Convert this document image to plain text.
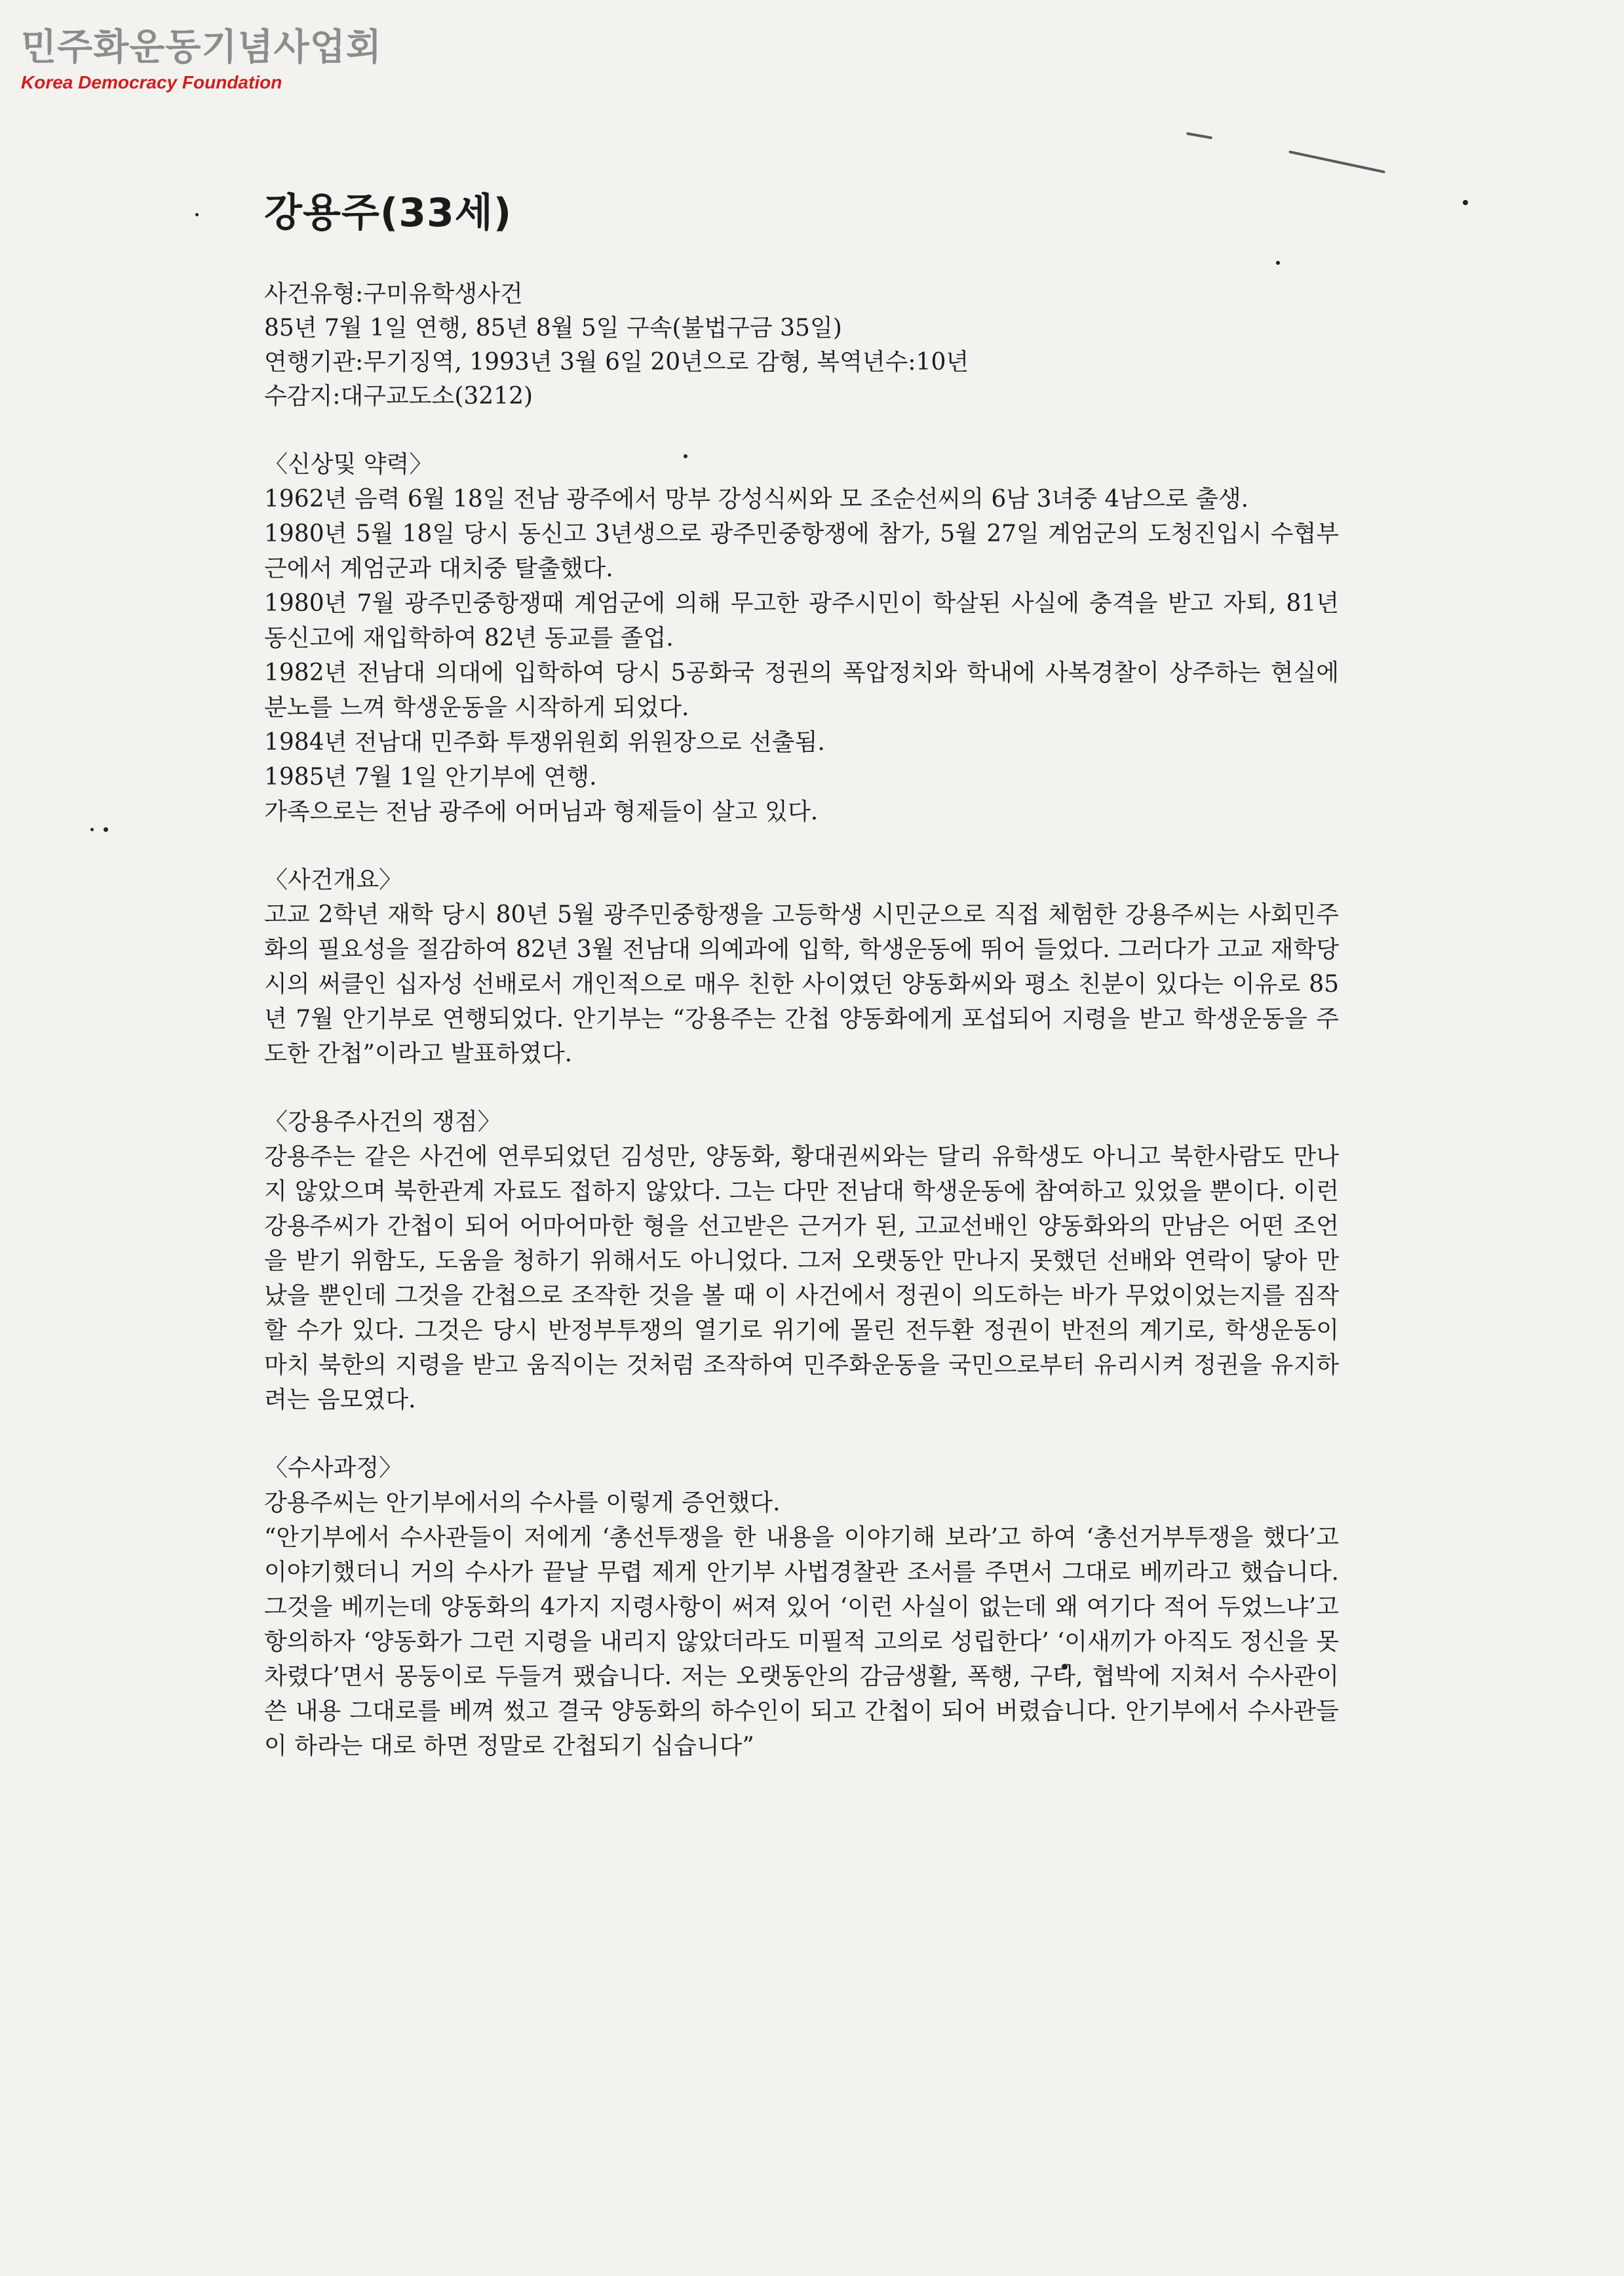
민주화운동기념사업회
Korea Democracy Foundation
강용주(33세)
사건유형:구미유학생사건
85년 7월 1일 연행, 85년 8월 5일 구속(불법구금 35일)
연행기관:무기징역, 1993년 3월 6일 20년으로 감형, 복역년수:10년
수감지:대구교도소(3212)
〈신상및 약력〉
1962년 음력 6월 18일 전남 광주에서 망부 강성식씨와 모 조순선씨의 6남 3녀중 4남으로 출생.
1980년 5월 18일 당시 동신고 3년생으로 광주민중항쟁에 참가, 5월 27일 계엄군의 도청진입시 수협부근에서 계엄군과 대치중 탈출했다.
1980년 7월 광주민중항쟁때 계엄군에 의해 무고한 광주시민이 학살된 사실에 충격을 받고 자퇴, 81년 동신고에 재입학하여 82년 동교를 졸업.
1982년 전남대 의대에 입학하여 당시 5공화국 정권의 폭압정치와 학내에 사복경찰이 상주하는 현실에 분노를 느껴 학생운동을 시작하게 되었다.
1984년 전남대 민주화 투쟁위원회 위원장으로 선출됨.
1985년 7월 1일 안기부에 연행.
가족으로는 전남 광주에 어머님과 형제들이 살고 있다.
〈사건개요〉
고교 2학년 재학 당시 80년 5월 광주민중항쟁을 고등학생 시민군으로 직접 체험한 강용주씨는 사회민주화의 필요성을 절감하여 82년 3월 전남대 의예과에 입학, 학생운동에 뛰어 들었다. 그러다가 고교 재학당시의 써클인 십자성 선배로서 개인적으로 매우 친한 사이였던 양동화씨와 평소 친분이 있다는 이유로 85년 7월 안기부로 연행되었다. 안기부는 “강용주는 간첩 양동화에게 포섭되어 지령을 받고 학생운동을 주도한 간첩”이라고 발표하였다.
〈강용주사건의 쟁점〉
강용주는 같은 사건에 연루되었던 김성만, 양동화, 황대권씨와는 달리 유학생도 아니고 북한사람도 만나지 않았으며 북한관계 자료도 접하지 않았다. 그는 다만 전남대 학생운동에 참여하고 있었을 뿐이다. 이런 강용주씨가 간첩이 되어 어마어마한 형을 선고받은 근거가 된, 고교선배인 양동화와의 만남은 어떤 조언을 받기 위함도, 도움을 청하기 위해서도 아니었다. 그저 오랫동안 만나지 못했던 선배와 연락이 닿아 만났을 뿐인데 그것을 간첩으로 조작한 것을 볼 때 이 사건에서 정권이 의도하는 바가 무었이었는지를 짐작할 수가 있다. 그것은 당시 반정부투쟁의 열기로 위기에 몰린 전두환 정권이 반전의 계기로, 학생운동이 마치 북한의 지령을 받고 움직이는 것처럼 조작하여 민주화운동을 국민으로부터 유리시켜 정권을 유지하려는 음모였다.
〈수사과정〉
강용주씨는 안기부에서의 수사를 이렇게 증언했다.
“안기부에서 수사관들이 저에게 ‘총선투쟁을 한 내용을 이야기해 보라’고 하여 ‘총선거부투쟁을 했다’고 이야기했더니 거의 수사가 끝날 무렵 제게 안기부 사법경찰관 조서를 주면서 그대로 베끼라고 했습니다. 그것을 베끼는데 양동화의 4가지 지령사항이 써져 있어 ‘이런 사실이 없는데 왜 여기다 적어 두었느냐’고 항의하자 ‘양동화가 그런 지령을 내리지 않았더라도 미필적 고의로 성립한다’ ‘이새끼가 아직도 정신을 못차렸다’면서 몽둥이로 두들겨 팼습니다. 저는 오랫동안의 감금생활, 폭행, 구타, 협박에 지쳐서 수사관이 쓴 내용 그대로를 베껴 썼고 결국 양동화의 하수인이 되고 간첩이 되어 버렸습니다. 안기부에서 수사관들이 하라는 대로 하면 정말로 간첩되기 십습니다”
